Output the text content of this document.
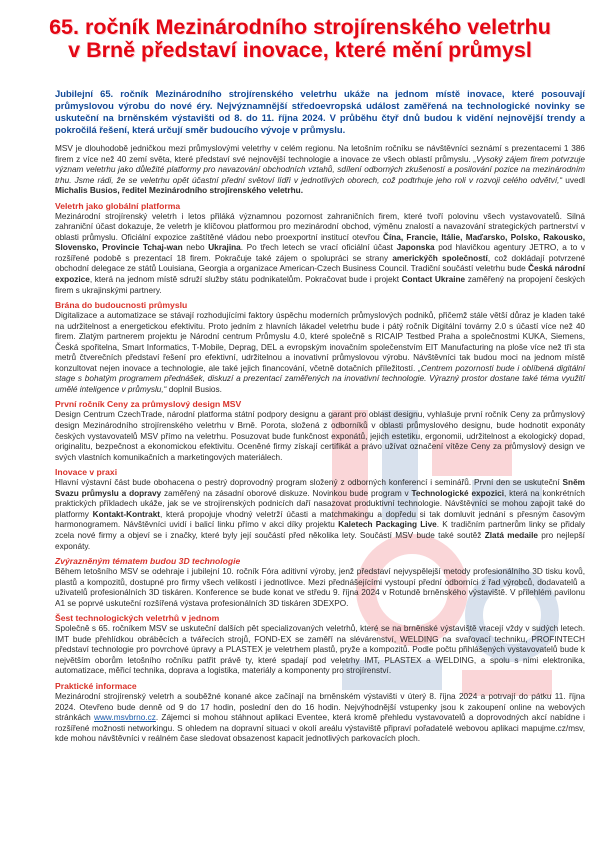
65. ročník Mezinárodního strojírenského veletrhu
v Brně představí inovace, které mění průmysl

Jubilejní 65. ročník Mezinárodního strojírenského veletrhu ukáže na jednom místě inovace, které posouvají průmyslovou výrobu do nové éry. Nejvýznamnější středoevropská událost zaměřená na technologické novinky se uskuteční na brněnském výstavišti od 8. do 11. října 2024. V průběhu čtyř dnů budou k vidění nejnovější trendy a pokročilá řešení, která určují směr budoucího vývoje v průmyslu.

MSV je dlouhodobě jedničkou mezi průmyslovými veletrhy v celém regionu. Na letošním ročníku se návštěvníci seznámí s prezentacemi 1 386 firem z více než 40 zemí světa, které představí své nejnovější technologie a inovace ze všech oblastí průmyslu. „Vysoký zájem firem potvrzuje význam veletrhu jako důležité platformy pro navazování obchodních vztahů, sdílení odborných zkušeností a posilování pozice na mezinárodním trhu. Jsme rádi, že se veletrhu opět účastní přední světoví lídři v jednotlivých oborech, což podtrhuje jeho roli v rozvoji celého odvětví,“ uvedl Michalis Busios, ředitel Mezinárodního strojírenského veletrhu.

Veletrh jako globální platforma

Mezinárodní strojírenský veletrh i letos přiláká významnou pozornost zahraničních firem, které tvoří polovinu všech vystavovatelů. Silná zahraniční účast dokazuje, že veletrh je klíčovou platformou pro mezinárodní obchod, výměnu znalostí a navazování strategických partnerství v oblasti průmyslu. Oficiální expozice zaštítěné vládou nebo proexportní institucí otevřou Čína, Francie, Itálie, Maďarsko, Polsko, Rakousko, Slovensko, Provincie Tchaj-wan nebo Ukrajina. Po třech letech se vrací oficiální účast Japonska pod hlavičkou agentury JETRO, a to v rozšířené podobě s prezentací 18 firem. Pokračuje také zájem o spolupráci se strany americkýčh společností, což dokládají potvrzené obchodní delegace ze států Louisiana, Georgia a organizace American-Czech Business Council. Tradiční součástí veletrhu bude Česká národní expozice, která na jednom místě sdruží služby státu podnikatelům. Pokračovat bude i projekt Contact Ukraine zaměřený na propojení českých firem s ukrajinskými partnery.

Brána do budoucnosti průmyslu

Digitalizace a automatizace se stávají rozhodujícími faktory úspěchu moderních průmyslových podniků, přičemž stále větší důraz je kladen také na udržitelnost a energetickou efektivitu. Proto jedním z hlavních lákadel veletrhu bude i pátý ročník Digitální továrny 2.0 s účastí více než 40 firem. Zlatým partnerem projektu je Národní centrum Průmyslu 4.0, které společně s RICAIP Testbed Praha a společnostmi KUKA, Siemens, Česká spořitelna, Smart Informatics, T-Mobile, Deprag, DEL a evropským inovačním společenstvím EIT Manufacturing na ploše více než tři sta metrů čtverečních představí řešení pro efektivní, udržitelnou a inovativní průmyslovou výrobu. Návštěvníci tak budou moci na jednom místě konzultovat nejen inovace a technologie, ale také jejich financování, včetně dotačních příležitostí. „Centrem pozornosti bude i oblíbená digitální stage s bohatým programem přednášek, diskuzí a prezentací zaměřených na inovativní technologie. Výrazný prostor dostane také téma využití umělé inteligence v průmyslu,“ doplnil Busios.

První ročník Ceny za průmyslový design MSV

Design Centrum CzechTrade, národní platforma státní podpory designu a garant pro oblast designu, vyhlašuje první ročník Ceny za průmyslový design Mezinárodního strojírenského veletrhu v Brně. Porota, složená z odborníků v oblasti průmyslového designu, bude hodnotit exponáty českých vystavovatelů MSV přímo na veletrhu. Posuzovat bude funkčnost exponátů, jejich estetiku, ergonomii, udržitelnost a ekologický dopad, originalitu, bezpečnost a ekonomickou efektivitu. Oceněné firmy získají certifikát a právo užívat označení vítěze Ceny za průmyslový design ve svých vlastních komunikačních a marketingových materiálech.

Inovace v praxi

Hlavní výstavní část bude obohacena o pestrý doprovodný program složený z odborných konferencí i seminářů. První den se uskuteční Sněm Svazu průmyslu a dopravy zaměřený na zásadní oborové diskuze. Novinkou bude program v Technologické expozici, která na konkrétních praktických příkladech ukáže, jak se ve strojírenských podnicích daří nasazovat produktivní technologie. Návštěvníci se mohou zapojit také do platformy Kontakt-Kontrakt, která propojuje vhodný veletrží účasti a matchmakingu a dopředu si tak domluvit jednání s přesným časovým harmonogramem. Návštěvníci uvidí i balicí linku přímo v akci díky projektu Kaletech Packaging Live. K tradičním partnerům linky se přidaly zcela nové firmy a objeví se i značky, které byly její součástí před několika lety. Součástí MSV bude také soutěž Zlatá medaile pro nejlepší exponáty.

Zvýrazněným tématem budou 3D technologie

Během letošního MSV se odehraje i jubilejní 10. ročník Fóra aditivní výroby, jenž představí nejvyspělejší metody profesionálního 3D tisku kovů, plastů a kompozitů, dostupné pro firmy všech velikostí i jednotlivce. Mezi přednášejícími vystoupí přední odborníci z řad výrobců, dodavatelů a uživatelů profesionálních 3D tiskáren. Konference se bude konat ve středu 9. října 2024 v Rotundě brněnského výstaviště. V přilehlém pavilonu A1 se poprvé uskuteční rozšířená výstava profesionálních 3D tiskáren 3DEXPO.

Šest technologických veletrhů v jednom

Společně s 65. ročníkem MSV se uskuteční dalších pět specializovaných veletrhů, které se na brněnské výstaviště vracejí vždy v sudých letech. IMT bude přehlídkou obráběcích a tvářecích strojů, FOND-EX se zaměří na slévárenství, WELDING na svařovací techniku, PROFINTECH představí technologie pro povrchové úpravy a PLASTEX je veletrhem plastů, pryže a kompozitů. Podle počtu přihlášených vystavovatelů bude k největším oborům letošního ročníku patřit právě ty, které spadají pod veletrhy IMT, PLASTEX a WELDING, a spolu s nimi elektronika, automatizace, měřicí technika, doprava a logistika, materiály a komponenty pro strojírenství.

Praktické informace

Mezinárodní strojírenský veletrh a souběžné konané akce začínají na brněnském výstavišti v úterý 8. října 2024 a potrvají do pátku 11. října 2024. Otevřeno bude denně od 9 do 17 hodin, poslední den do 16 hodin. Nejvýhodnější vstupenky jsou k zakoupení online na webových stránkách www.msvbrno.cz. Zájemci si mohou stáhnout aplikaci Eventee, která kromě přehledu vystavovatelů a doprovodných akcí nabídne i rozšířené možnosti networkingu. S ohledem na dopravní situaci v okolí areálu výstaviště připraví pořadatelé webovou aplikaci mapujme.cz/msv, kde mohou návštěvníci v reálném čase sledovat obsazenost kapacit jednotlivých parkovacích ploch.
